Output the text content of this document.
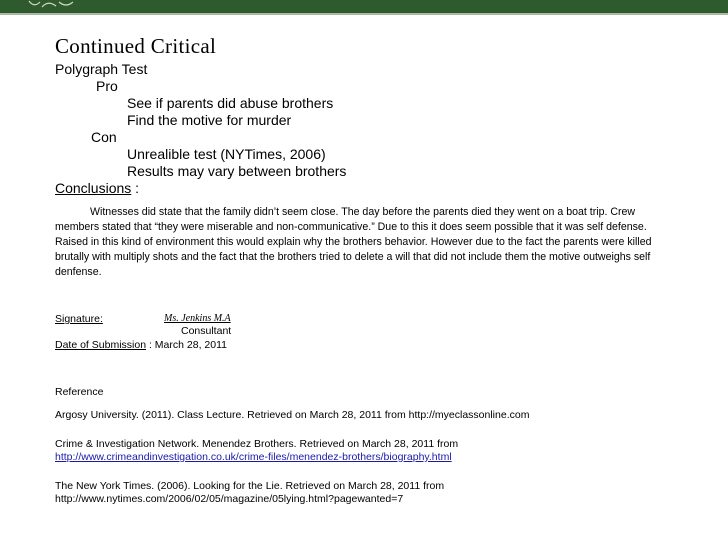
Continued Critical
Polygraph Test
Pro
See if parents did abuse brothers
Find the motive for murder
Con
Unrealible test (NYTimes, 2006)
Results may vary between brothers
Conclusions :

Witnesses did state that the family didn’t seem close. The day before the parents died they went on a boat trip. Crew members stated that “they were miserable and non-communicative.” Due to this it does seem possible that it was self defense. Raised in this kind of environment this would explain why the brothers behavior. However due to the fact the parents were killed brutally with multiply shots and the fact that the brothers tried to delete a will that did not include them the motive outweighs self denfense.

Signature:	Ms. Jenkins M.A
Consultant
Date of Submission : March 28, 2011
Reference
Argosy University. (2011). Class Lecture. Retrieved on March 28, 2011 from http://myeclassonline.com
Crime & Investigation Network. Menendez Brothers. Retrieved on March 28, 2011 from
http://www.crimeandinvestigation.co.uk/crime-files/menendez-brothers/biography.html
The New York Times. (2006). Looking for the Lie. Retrieved on March 28, 2011 from
http://www.nytimes.com/2006/02/05/magazine/05lying.html?pagewanted=7
